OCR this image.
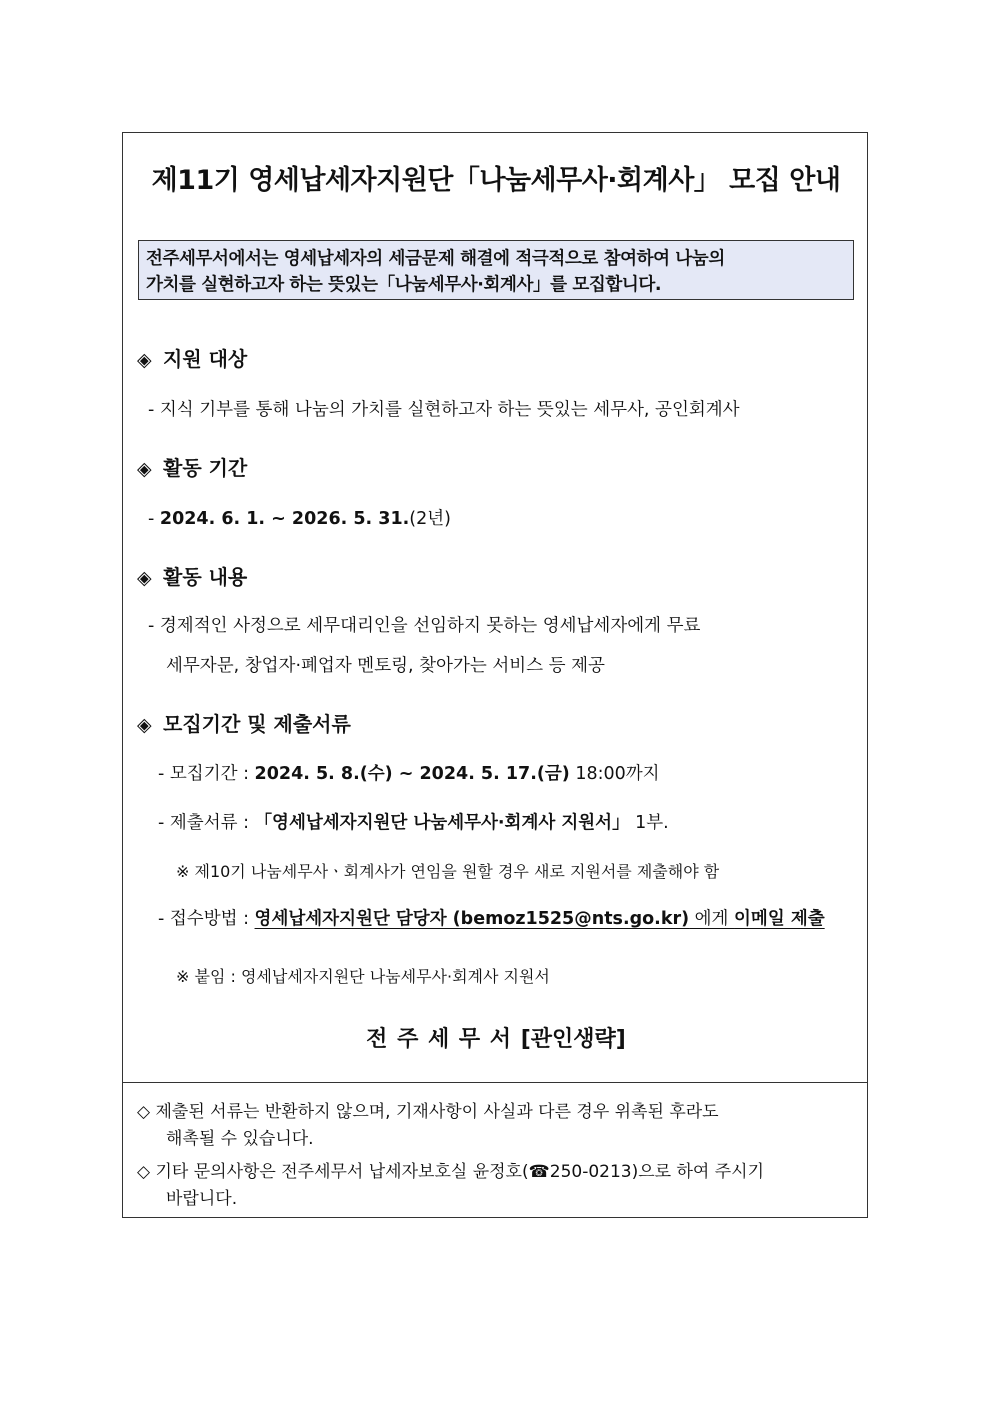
제11기 영세납세자지원단「나눔세무사·회계사」 모집 안내
전주세무서에서는 영세납세자의 세금문제 해결에 적극적으로 참여하여 나눔의
가치를 실현하고자 하는 뜻있는「나눔세무사·회계사」를 모집합니다.
◈ 지원 대상
- 지식 기부를 통해 나눔의 가치를 실현하고자 하는 뜻있는 세무사, 공인회계사
◈ 활동 기간
- 2024. 6. 1. ~ 2026. 5. 31.(2년)
◈ 활동 내용
- 경제적인 사정으로 세무대리인을 선임하지 못하는 영세납세자에게 무료
세무자문, 창업자·폐업자 멘토링, 찾아가는 서비스 등 제공
◈ 모집기간 및 제출서류
- 모집기간 : 2024. 5. 8.(수) ~ 2024. 5. 17.(금) 18:00까지
- 제출서류 : 「영세납세자지원단 나눔세무사·회계사 지원서」 1부.
※ 제10기 나눔세무사ㆍ회계사가 연임을 원할 경우 새로 지원서를 제출해야 함
- 접수방법 : 영세납세자지원단 담당자 (bemoz1525@nts.go.kr) 에게 이메일 제출
※ 붙임 : 영세납세자지원단 나눔세무사·회계사 지원서
전 주 세 무 서 [관인생략]
◇ 제출된 서류는 반환하지 않으며, 기재사항이 사실과 다른 경우 위촉된 후라도
해촉될 수 있습니다.
◇ 기타 문의사항은 전주세무서 납세자보호실 윤정호(☎250-0213)으로 하여 주시기
바랍니다.
